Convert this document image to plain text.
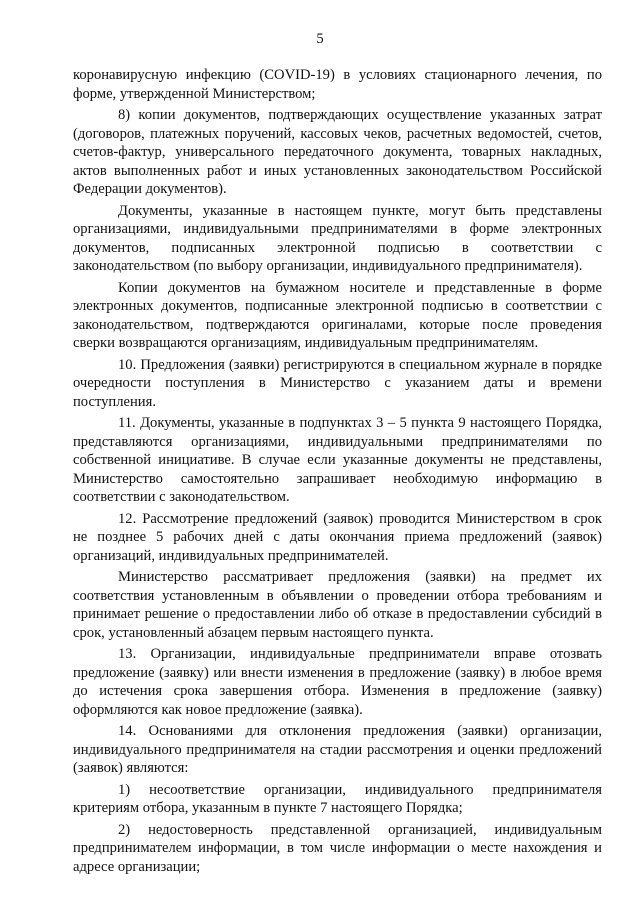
5

коронавирусную инфекцию (COVID-19) в условиях стационарного лечения, по форме, утвержденной Министерством;

8) копии документов, подтверждающих осуществление указанных затрат (договоров, платежных поручений, кассовых чеков, расчетных ведомостей, счетов, счетов-фактур, универсального передаточного документа, товарных накладных, актов выполненных работ и иных установленных законодательством Российской Федерации документов).

Документы, указанные в настоящем пункте, могут быть представлены организациями, индивидуальными предпринимателями в форме электронных документов, подписанных электронной подписью в соответствии с законодательством (по выбору организации, индивидуального предпринимателя).

Копии документов на бумажном носителе и представленные в форме электронных документов, подписанные электронной подписью в соответствии с законодательством, подтверждаются оригиналами, которые после проведения сверки возвращаются организациям, индивидуальным предпринимателям.

10. Предложения (заявки) регистрируются в специальном журнале в порядке очередности поступления в Министерство с указанием даты и времени поступления.

11. Документы, указанные в подпунктах 3 – 5 пункта 9 настоящего Порядка, представляются организациями, индивидуальными предпринимателями по собственной инициативе. В случае если указанные документы не представлены, Министерство самостоятельно запрашивает необходимую информацию в соответствии с законодательством.

12. Рассмотрение предложений (заявок) проводится Министерством в срок не позднее 5 рабочих дней с даты окончания приема предложений (заявок) организаций, индивидуальных предпринимателей.

Министерство рассматривает предложения (заявки) на предмет их соответствия установленным в объявлении о проведении отбора требованиям и принимает решение о предоставлении либо об отказе в предоставлении субсидий в срок, установленный абзацем первым настоящего пункта.

13. Организации, индивидуальные предприниматели вправе отозвать предложение (заявку) или внести изменения в предложение (заявку) в любое время до истечения срока завершения отбора. Изменения в предложение (заявку) оформляются как новое предложение (заявка).

14. Основаниями для отклонения предложения (заявки) организации, индивидуального предпринимателя на стадии рассмотрения и оценки предложений (заявок) являются:

1) несоответствие организации, индивидуального предпринимателя критериям отбора, указанным в пункте 7 настоящего Порядка;

2) недостоверность представленной организацией, индивидуальным предпринимателем информации, в том числе информации о месте нахождения и адресе организации;
